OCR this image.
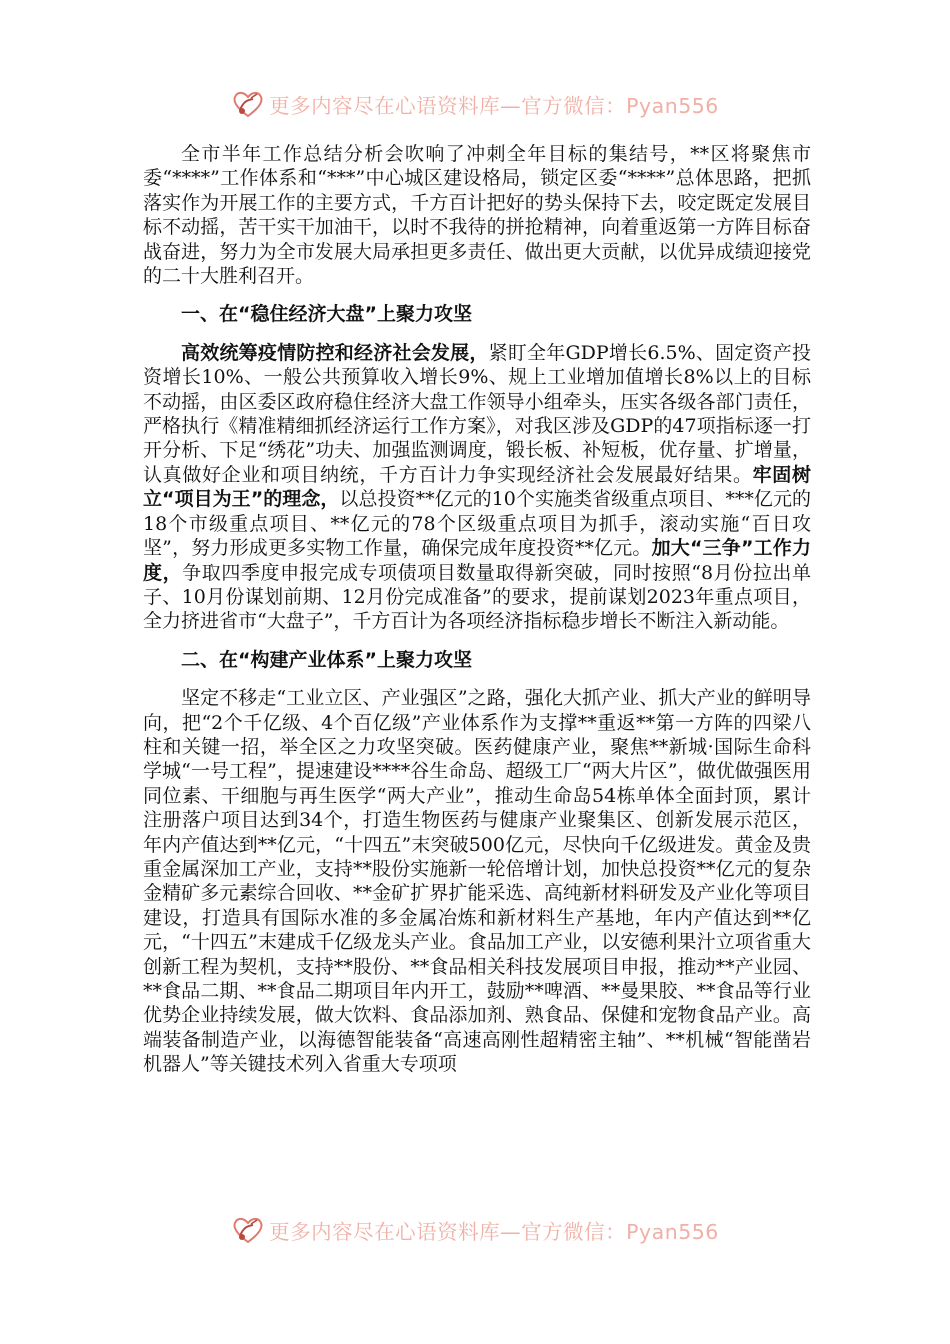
更多内容尽在心语资料库—官方微信：Pyan556

全市半年工作总结分析会吹响了冲刺全年目标的集结号，**区将聚焦市委“****”工作体系和“***”中心城区建设格局，锁定区委“****”总体思路，把抓落实作为开展工作的主要方式，千方百计把好的势头保持下去，咬定既定发展目标不动摇，苦干实干加油干，以时不我待的拼抢精神，向着重返第一方阵目标奋战奋进，努力为全市发展大局承担更多责任、做出更大贡献，以优异成绩迎接党的二十大胜利召开。

一、在“稳住经济大盘”上聚力攻坚

高效统筹疫情防控和经济社会发展，紧盯全年GDP增长6.5%、固定资产投资增长10%、一般公共预算收入增长9%、规上工业增加值增长8%以上的目标不动摇，由区委区政府稳住经济大盘工作领导小组牵头，压实各级各部门责任，严格执行《精准精细抓经济运行工作方案》，对我区涉及GDP的47项指标逐一打开分析、下足“绣花”功夫、加强监测调度，锻长板、补短板，优存量、扩增量，认真做好企业和项目纳统，千方百计力争实现经济社会发展最好结果。牢固树立“项目为王”的理念，以总投资**亿元的10个实施类省级重点项目、***亿元的18个市级重点项目、**亿元的78个区级重点项目为抓手，滚动实施“百日攻坚”，努力形成更多实物工作量，确保完成年度投资**亿元。加大“三争”工作力度，争取四季度申报完成专项债项目数量取得新突破，同时按照“8月份拉出单子、10月份谋划前期、12月份完成准备”的要求，提前谋划2023年重点项目，全力挤进省市“大盘子”，千方百计为各项经济指标稳步增长不断注入新动能。

二、在“构建产业体系”上聚力攻坚

坚定不移走“工业立区、产业强区”之路，强化大抓产业、抓大产业的鲜明导向，把“2个千亿级、4个百亿级”产业体系作为支撑**重返**第一方阵的四梁八柱和关键一招，举全区之力攻坚突破。医药健康产业，聚焦**新城·国际生命科学城“一号工程”，提速建设****谷生命岛、超级工厂“两大片区”，做优做强医用同位素、干细胞与再生医学“两大产业”，推动生命岛54栋单体全面封顶，累计注册落户项目达到34个，打造生物医药与健康产业聚集区、创新发展示范区，年内产值达到**亿元，“十四五”末突破500亿元，尽快向千亿级进发。黄金及贵重金属深加工产业，支持**股份实施新一轮倍增计划，加快总投资**亿元的复杂金精矿多元素综合回收、**金矿扩界扩能采选、高纯新材料研发及产业化等项目建设，打造具有国际水准的多金属冶炼和新材料生产基地，年内产值达到**亿元，“十四五”末建成千亿级龙头产业。食品加工产业，以安德利果汁立项省重大创新工程为契机，支持**股份、**食品相关科技发展项目申报，推动**产业园、**食品二期、**食品二期项目年内开工，鼓励**啤酒、**曼果胶、**食品等行业优势企业持续发展，做大饮料、食品添加剂、熟食品、保健和宠物食品产业。高端装备制造产业，以海德智能装备“高速高刚性超精密主轴”、**机械“智能凿岩机器人”等关键技术列入省重大专项项

更多内容尽在心语资料库—官方微信：Pyan556
